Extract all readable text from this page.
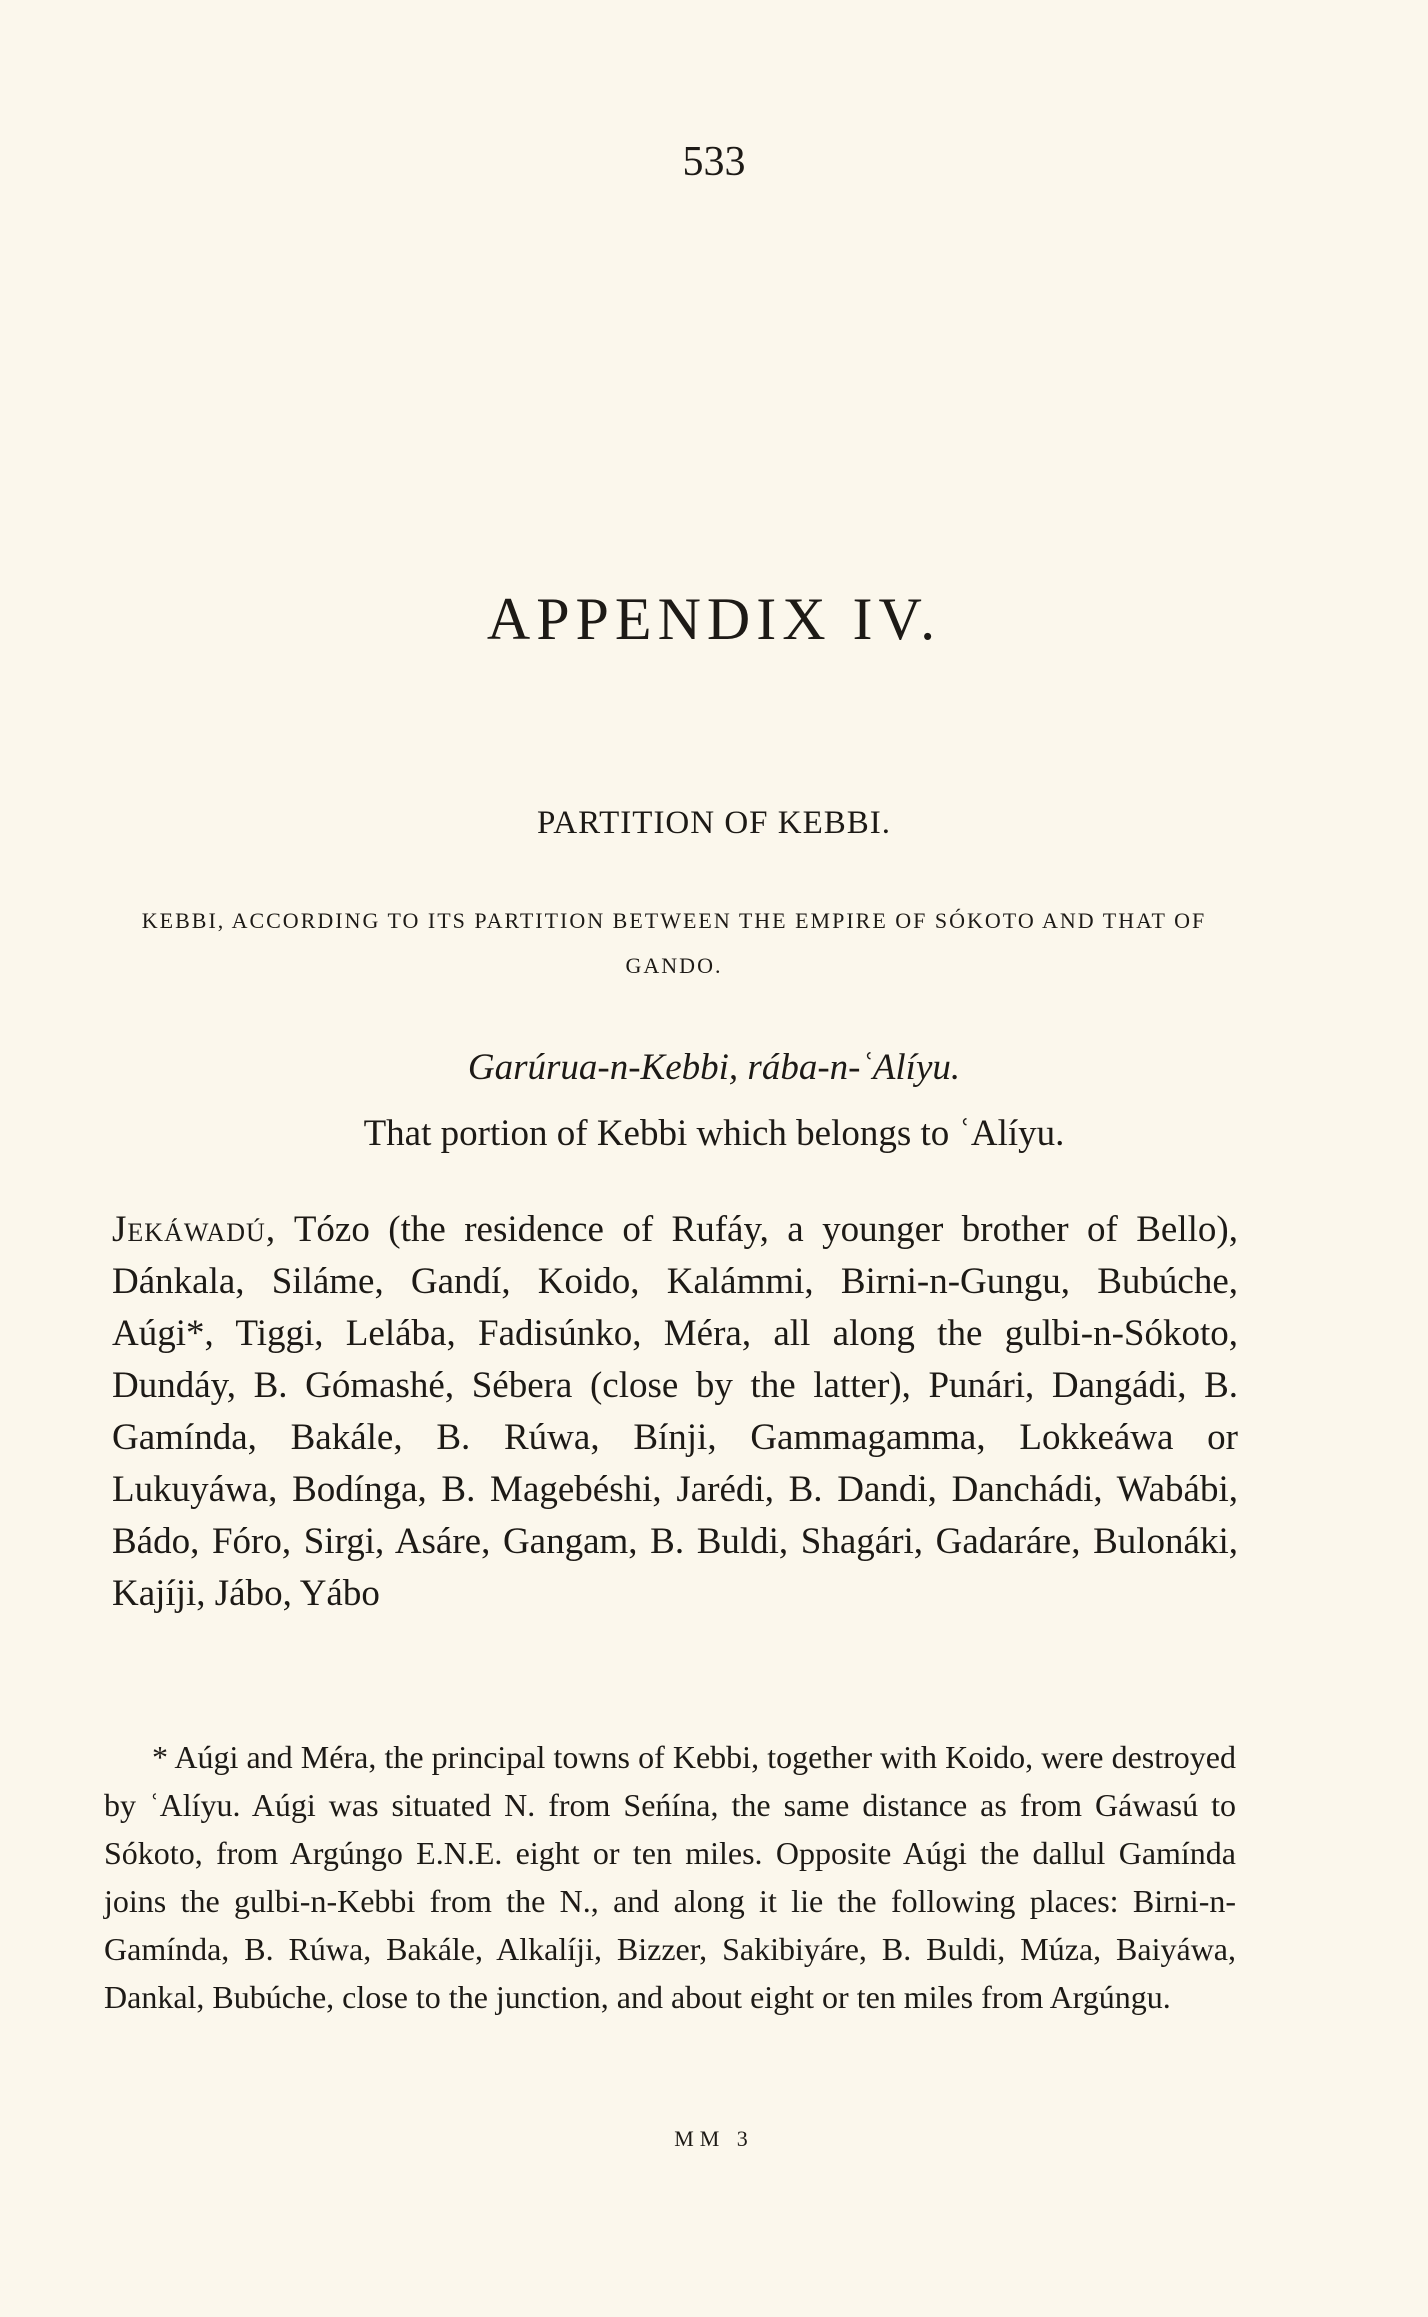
533
APPENDIX IV.
PARTITION OF KEBBI.
KEBBI, ACCORDING TO ITS PARTITION BETWEEN THE EMPIRE OF SÓKOTO AND THAT OF GANDO.
Garúrua-n-Kebbi, rába-n-ʿAlíyu.
That portion of Kebbi which belongs to ʿAlíyu.
Jekáwadú, Tózo (the residence of Rufáy, a younger brother of Bello), Dánkala, Siláme, Gandí, Koido, Kalámmi, Birni-n-Gungu, Bubúche, Aúgi*, Tiggi, Lelába, Fadisúnko, Méra, all along the gulbi-n-Sókoto, Dundáy, B. Gómashé, Sébera (close by the latter), Punári, Dangádi, B. Gamínda, Bakále, B. Rúwa, Bínji, Gammagamma, Lokkeáwa or Lukuyáwa, Bodínga, B. Magebéshi, Jarédi, B. Dandi, Danchádi, Wabábi, Bádo, Fóro, Sirgi, Asáre, Gangam, B. Buldi, Shagári, Gadaráre, Bulonáki, Kajíji, Jábo, Yábo
* Aúgi and Méra, the principal towns of Kebbi, together with Koido, were destroyed by ʿAlíyu. Aúgi was situated N. from Seńína, the same distance as from Gáwasú to Sókoto, from Argúngo E.N.E. eight or ten miles. Opposite Aúgi the dallul Gamínda joins the gulbi-n-Kebbi from the N., and along it lie the following places: Birni-n-Gamínda, B. Rúwa, Bakále, Alkalíji, Bizzer, Sakibiyáre, B. Buldi, Múza, Baiyáwa, Dankal, Bubúche, close to the junction, and about eight or ten miles from Argúngu.
MM 3
